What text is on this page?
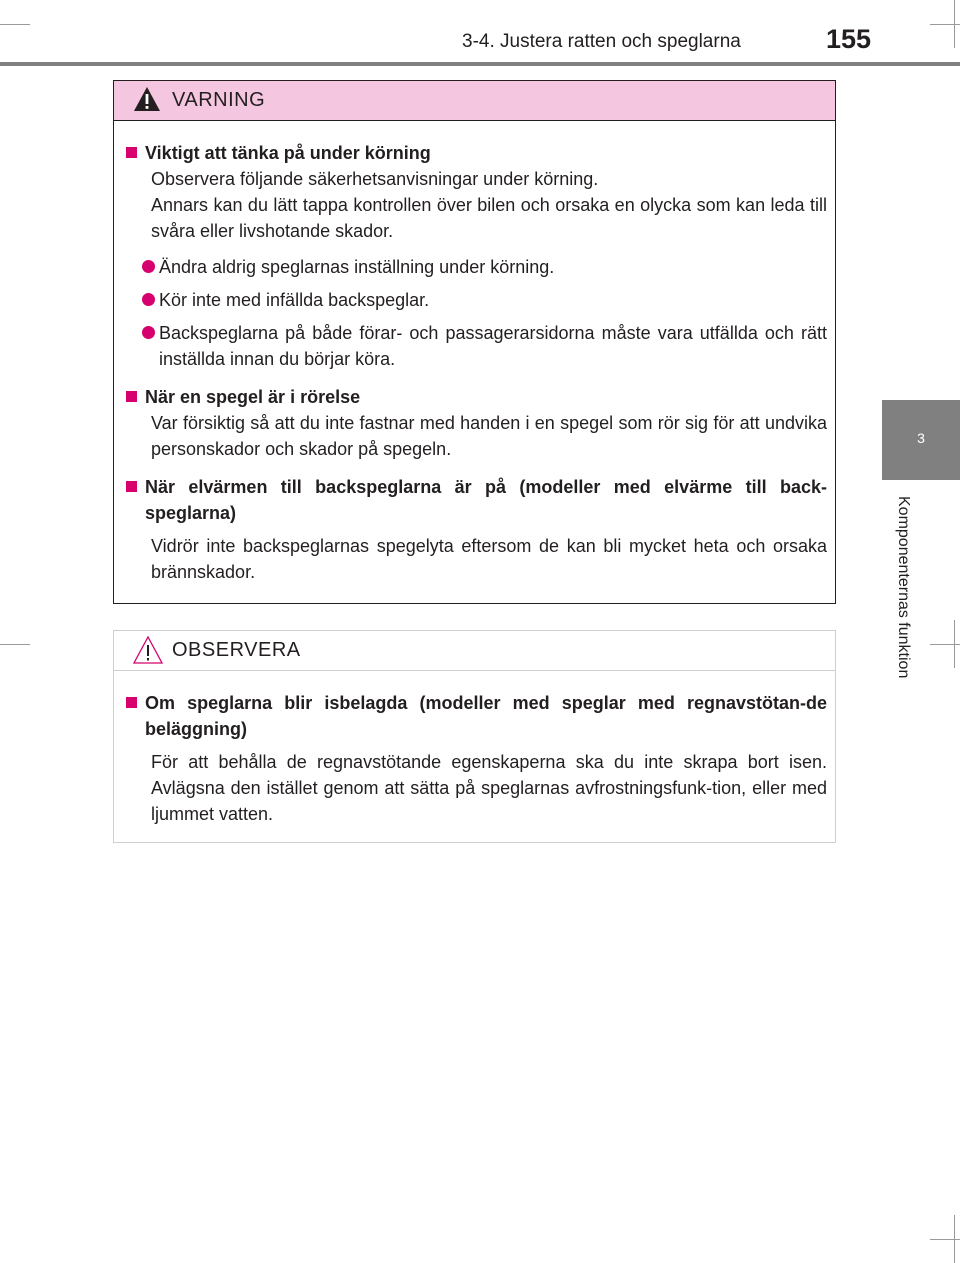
3-4. Justera ratten och speglarna	155
3
Komponenternas funktion
VARNING
Viktigt att tänka på under körning
Observera följande säkerhetsanvisningar under körning.
Annars kan du lätt tappa kontrollen över bilen och orsaka en olycka som kan leda till svåra eller livshotande skador.
Ändra aldrig speglarnas inställning under körning.
Kör inte med infällda backspeglar.
Backspeglarna på både förar- och passagerarsidorna måste vara utfällda och rätt inställda innan du börjar köra.
När en spegel är i rörelse
Var försiktig så att du inte fastnar med handen i en spegel som rör sig för att undvika personskador och skador på spegeln.
När elvärmen till backspeglarna är på (modeller med elvärme till back-speglarna)
Vidrör inte backspeglarnas spegelyta eftersom de kan bli mycket heta och orsaka brännskador.
OBSERVERA
Om speglarna blir isbelagda (modeller med speglar med regnavstötan-de beläggning)
För att behålla de regnavstötande egenskaperna ska du inte skrapa bort isen. Avlägsna den istället genom att sätta på speglarnas avfrostningsfunk-tion, eller med ljummet vatten.
